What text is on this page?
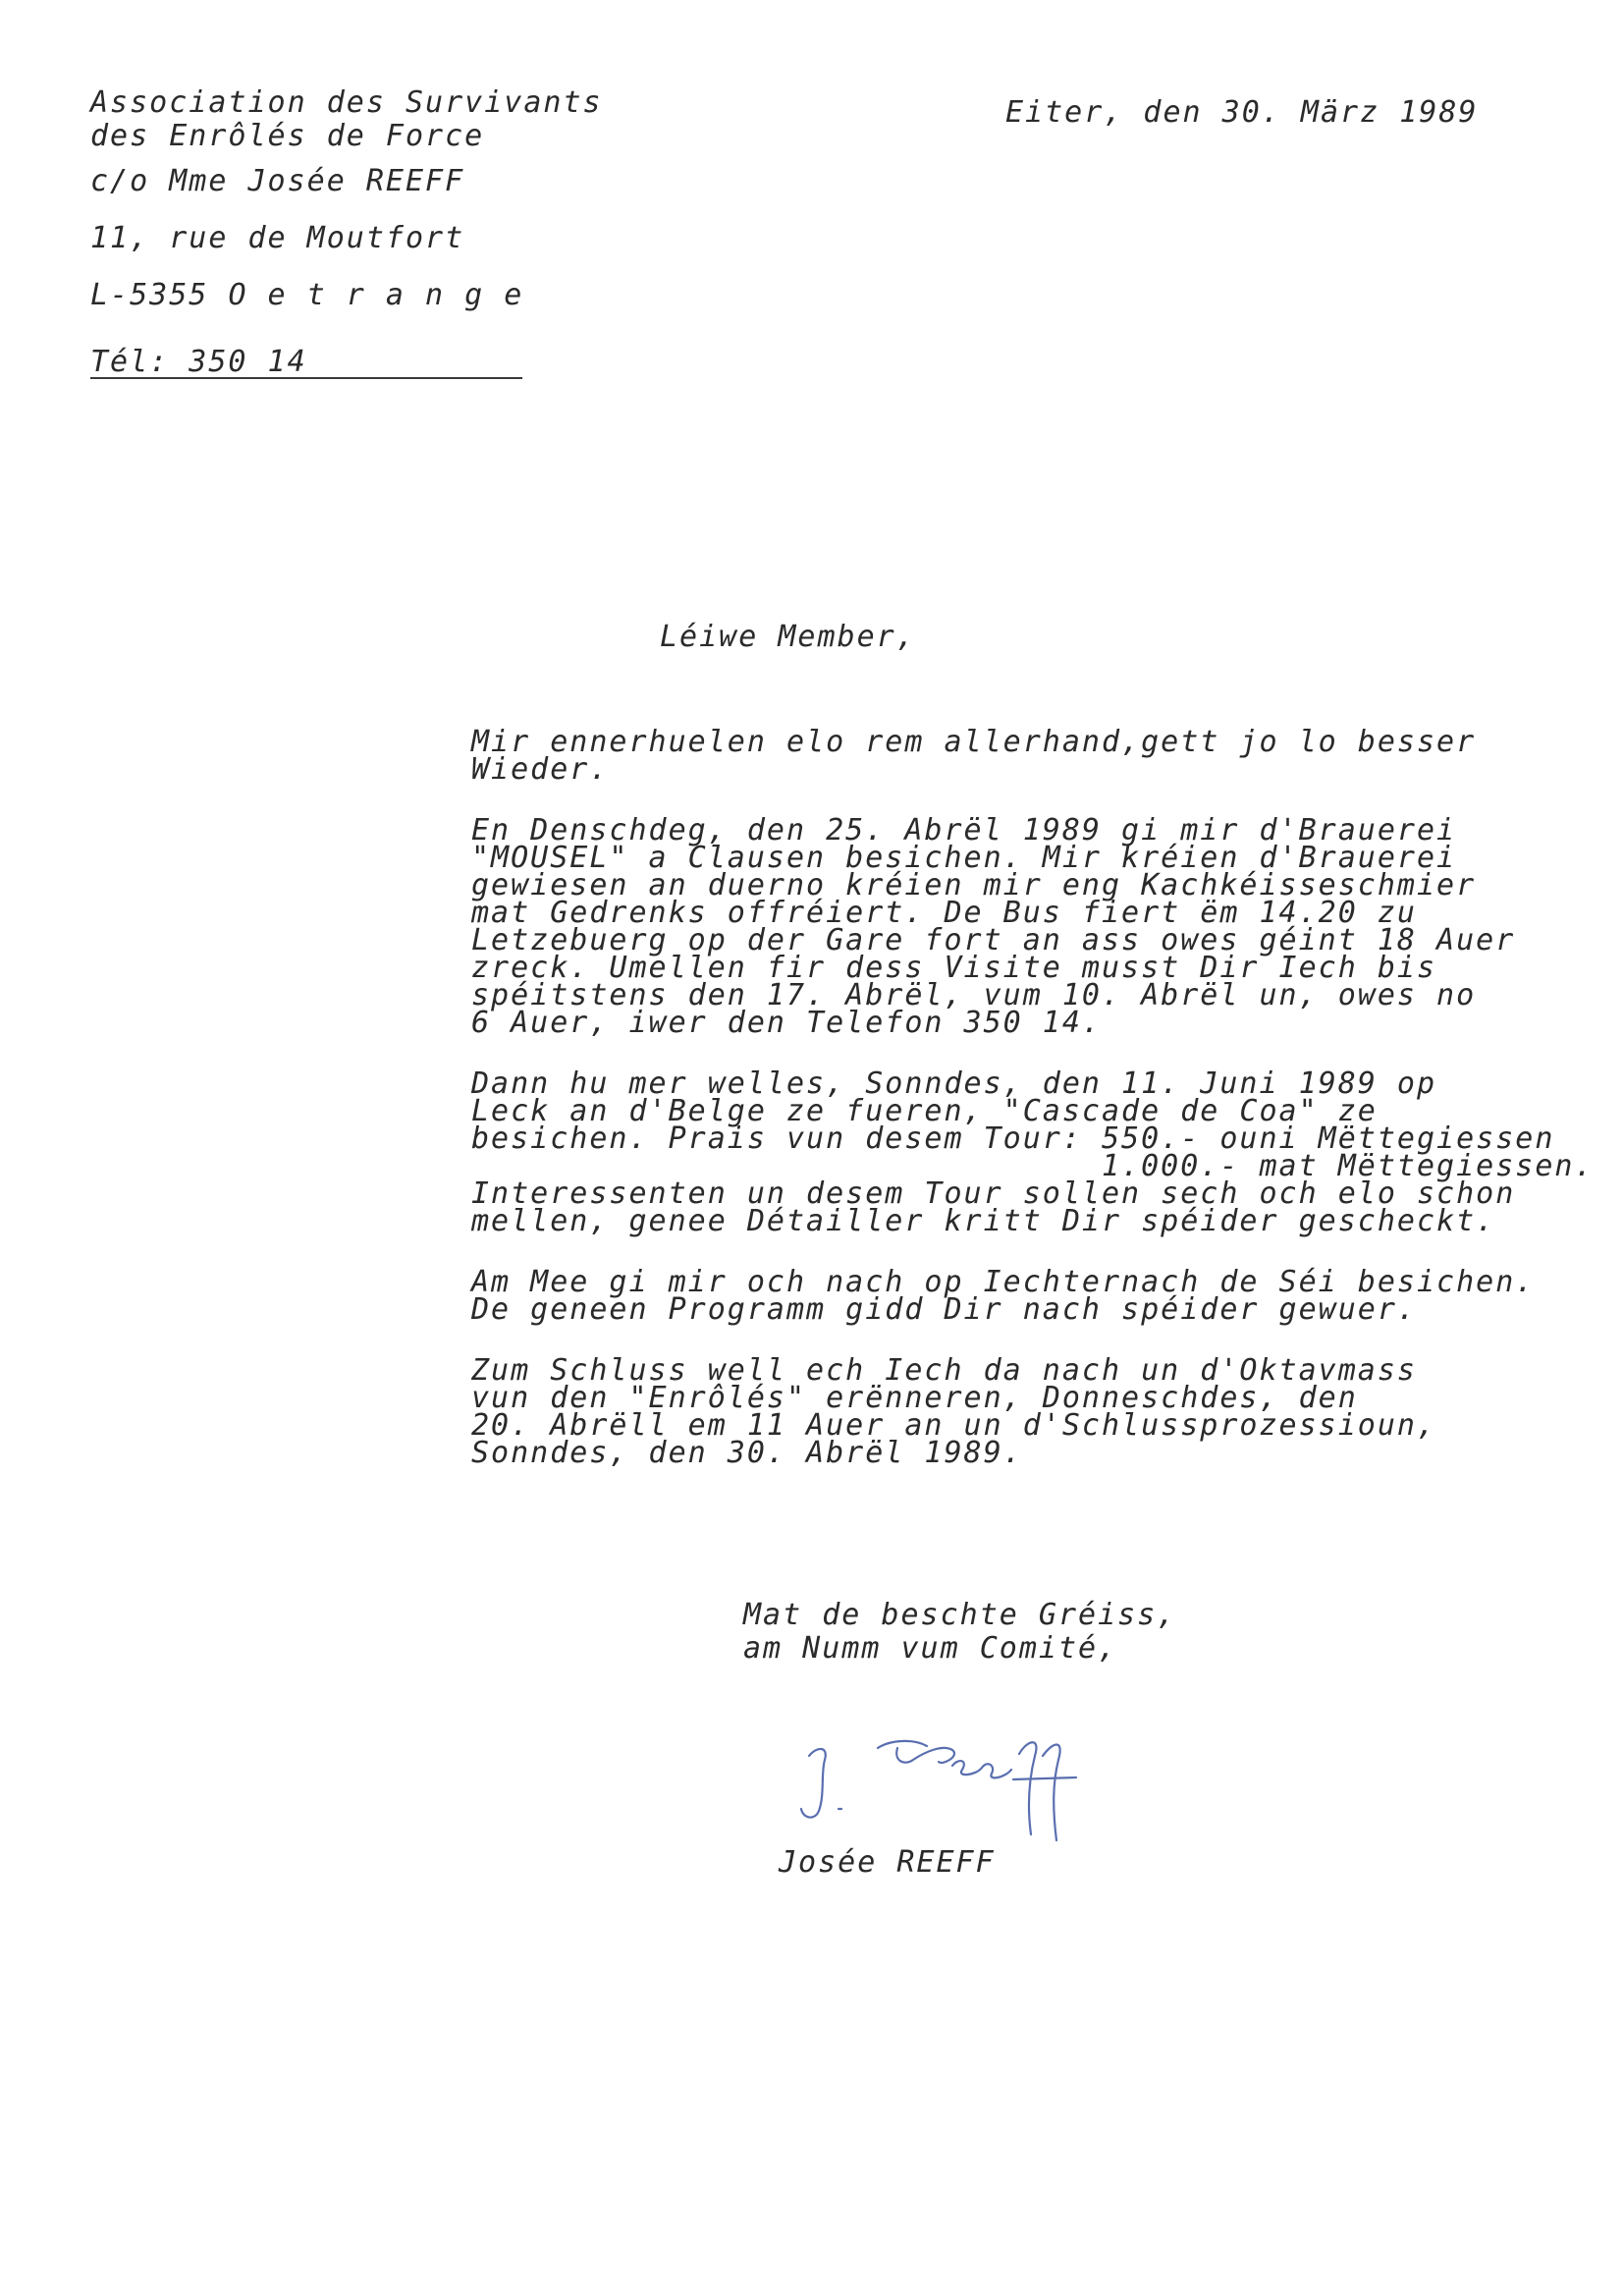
Association des Survivants
des Enrôlés de Force
c/o Mme Josée REEFF
11, rue de Moutfort
L-5355 O e t r a n g e
Tél: 350 14
Eiter, den 30. März 1989
Léiwe Member,
Mir ennerhuelen elo rem allerhand,gett jo lo besser
Wieder.
En Denschdeg, den 25. Abrël 1989 gi mir d'Brauerei
"MOUSEL" a Clausen besichen. Mir kréien d'Brauerei
gewiesen an duerno kréien mir eng Kachkéisseschmier
mat Gedrenks offréiert. De Bus fiert ëm 14.20 zu
Letzebuerg op der Gare fort an ass owes géint 18 Auer
zreck. Umellen fir dess Visite musst Dir Iech bis
spéitstens den 17. Abrël, vum 10. Abrël un, owes no
6 Auer, iwer den Telefon 350 14.
Dann hu mer welles, Sonndes, den 11. Juni 1989 op
Leck an d'Belge ze fueren, "Cascade de Coa" ze
besichen. Prais vun desem Tour: 550.- ouni Mëttegiessen
1.000.- mat Mëttegiessen.
Interessenten un desem Tour sollen sech och elo schon
mellen, genee Détailler kritt Dir spéider gescheckt.
Am Mee gi mir och nach op Iechternach de Séi besichen.
De geneen Programm gidd Dir nach spéider gewuer.
Zum Schluss well ech Iech da nach un d'Oktavmass
vun den "Enrôlés" erënneren, Donneschdes, den
20. Abrëll em 11 Auer an un d'Schlussprozessioun,
Sonndes, den 30. Abrël 1989.
Mat de beschte Gréiss,
am Numm vum Comité,
Josée REEFF
